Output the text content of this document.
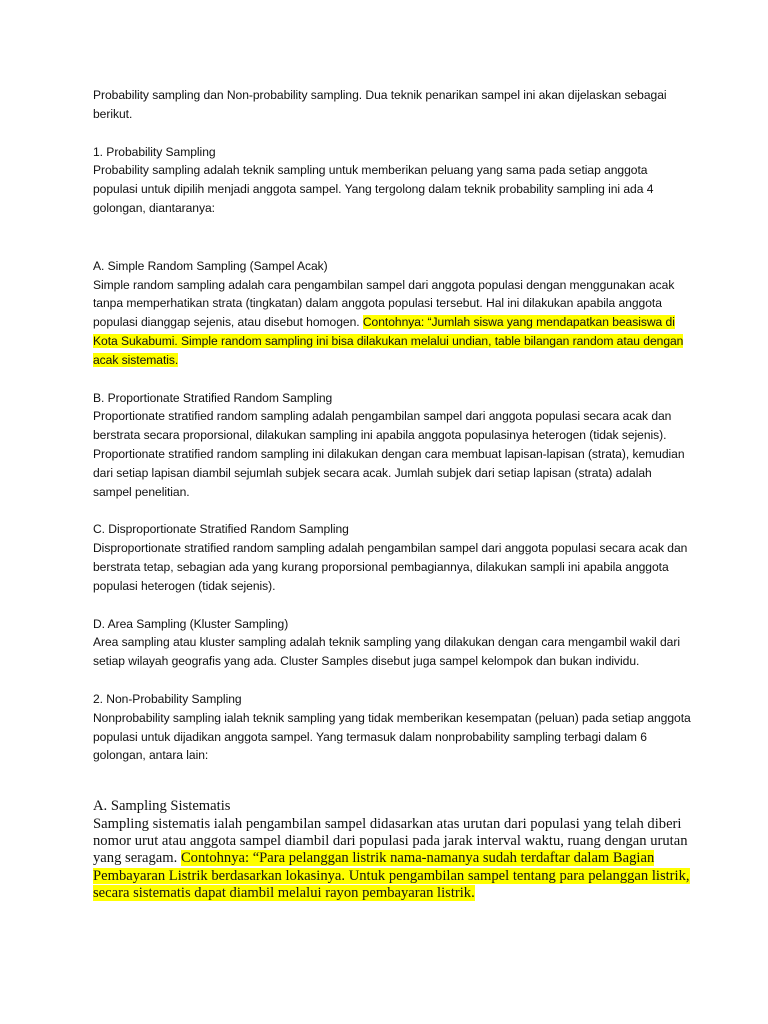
Probability sampling dan Non-probability sampling. Dua teknik penarikan sampel ini akan dijelaskan sebagai berikut.

1. Probability Sampling

Probability sampling adalah teknik sampling untuk memberikan peluang yang sama pada setiap anggota populasi untuk dipilih menjadi anggota sampel. Yang tergolong dalam teknik probability sampling ini ada 4 golongan, diantaranya:

A. Simple Random Sampling (Sampel Acak)

Simple random sampling adalah cara pengambilan sampel dari anggota populasi dengan menggunakan acak tanpa memperhatikan strata (tingkatan) dalam anggota populasi tersebut. Hal ini dilakukan apabila anggota populasi dianggap sejenis, atau disebut homogen. Contohnya: “Jumlah siswa yang mendapatkan beasiswa di Kota Sukabumi. Simple random sampling ini bisa dilakukan melalui undian, table bilangan random atau dengan acak sistematis.

B. Proportionate Stratified Random Sampling

Proportionate stratified random sampling adalah pengambilan sampel dari anggota populasi secara acak dan berstrata secara proporsional, dilakukan sampling ini apabila anggota populasinya heterogen (tidak sejenis). Proportionate stratified random sampling ini dilakukan dengan cara membuat lapisan-lapisan (strata), kemudian dari setiap lapisan diambil sejumlah subjek secara acak. Jumlah subjek dari setiap lapisan (strata) adalah sampel penelitian.

C. Disproportionate Stratified Random Sampling

Disproportionate stratified random sampling adalah pengambilan sampel dari anggota populasi secara acak dan berstrata tetap, sebagian ada yang kurang proporsional pembagiannya, dilakukan sampli ini apabila anggota populasi heterogen (tidak sejenis).

D. Area Sampling (Kluster Sampling)

Area sampling atau kluster sampling adalah teknik sampling yang dilakukan dengan cara mengambil wakil dari setiap wilayah geografis yang ada. Cluster Samples disebut juga sampel kelompok dan bukan individu.

2. Non-Probability Sampling

Nonprobability sampling ialah teknik sampling yang tidak memberikan kesempatan (peluan) pada setiap anggota populasi untuk dijadikan anggota sampel. Yang termasuk dalam nonprobability sampling terbagi dalam 6 golongan, antara lain:

A. Sampling Sistematis

Sampling sistematis ialah pengambilan sampel didasarkan atas urutan dari populasi yang telah diberi nomor urut atau anggota sampel diambil dari populasi pada jarak interval waktu, ruang dengan urutan yang seragam. Contohnya: “Para pelanggan listrik nama-namanya sudah terdaftar dalam Bagian Pembayaran Listrik berdasarkan lokasinya. Untuk pengambilan sampel tentang para pelanggan listrik, secara sistematis dapat diambil melalui rayon pembayaran listrik.
